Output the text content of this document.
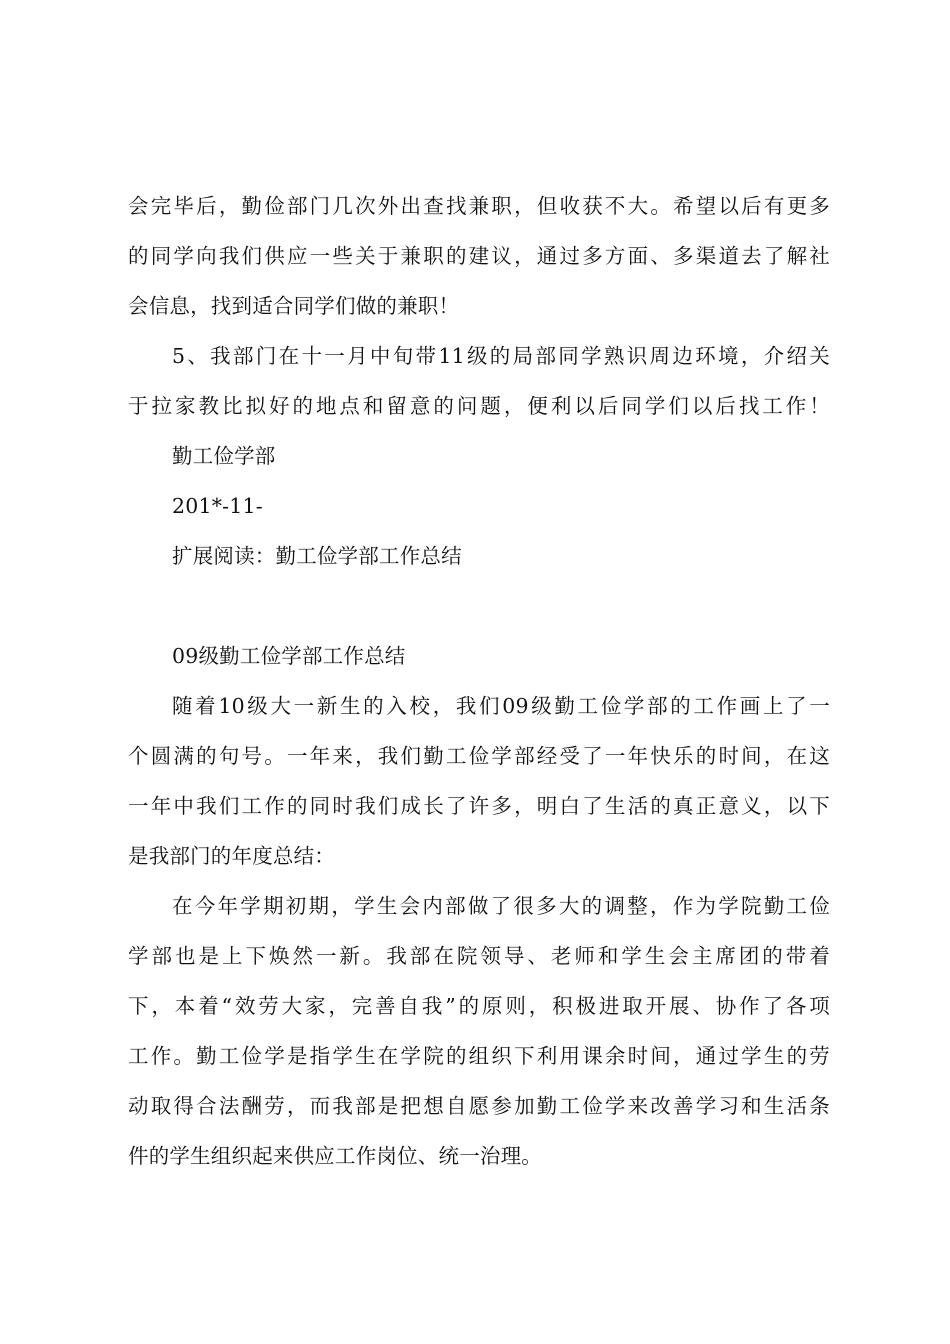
会完毕后，勤俭部门几次外出查找兼职，但收获不大。希望以后有更多
的同学向我们供应一些关于兼职的建议，通过多方面、多渠道去了解社
会信息，找到适合同学们做的兼职！
5、我部门在十一月中旬带11级的局部同学熟识周边环境，介绍关
于拉家教比拟好的地点和留意的问题，便利以后同学们以后找工作！
勤工俭学部
201*-11-
扩展阅读：勤工俭学部工作总结
09级勤工俭学部工作总结
随着10级大一新生的入校，我们09级勤工俭学部的工作画上了一
个圆满的句号。一年来，我们勤工俭学部经受了一年快乐的时间，在这
一年中我们工作的同时我们成长了许多，明白了生活的真正意义，以下
是我部门的年度总结：
在今年学期初期，学生会内部做了很多大的调整，作为学院勤工俭
学部也是上下焕然一新。我部在院领导、老师和学生会主席团的带着
下，本着“效劳大家，完善自我”的原则，积极进取开展、协作了各项
工作。勤工俭学是指学生在学院的组织下利用课余时间，通过学生的劳
动取得合法酬劳，而我部是把想自愿参加勤工俭学来改善学习和生活条
件的学生组织起来供应工作岗位、统一治理。
